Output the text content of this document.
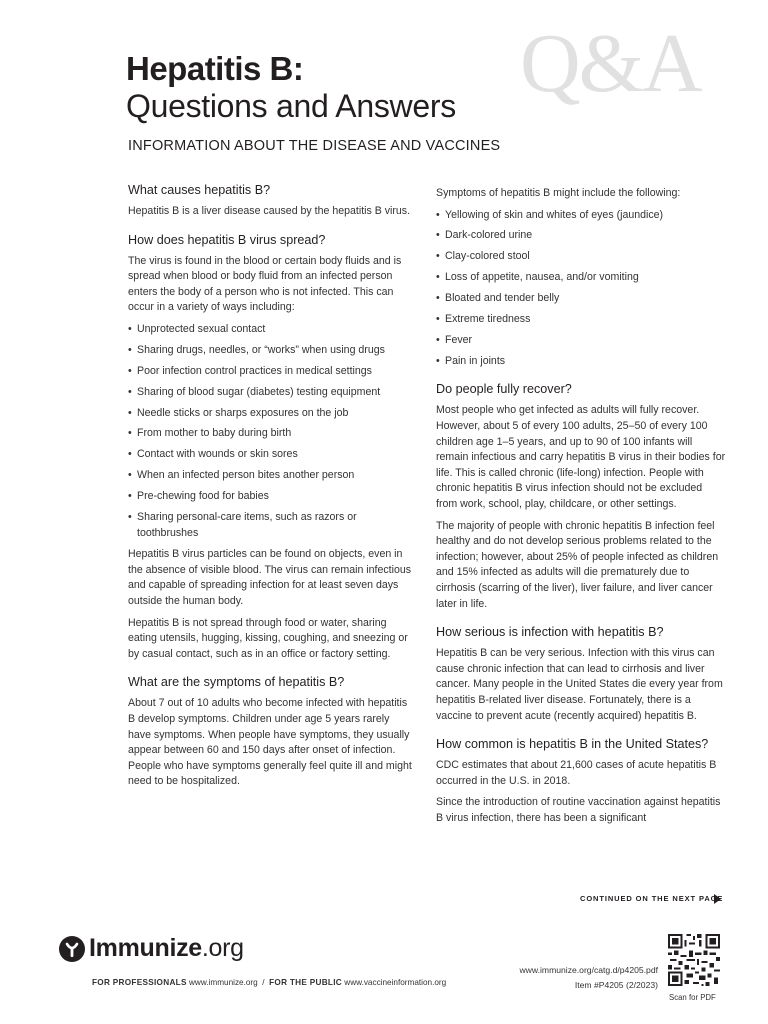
Q&A
Hepatitis B:
Questions and Answers
INFORMATION ABOUT THE DISEASE AND VACCINES
What causes hepatitis B?
Hepatitis B is a liver disease caused by the hepatitis B virus.
How does hepatitis B virus spread?
The virus is found in the blood or certain body fluids and is spread when blood or body fluid from an infected person enters the body of a person who is not infected. This can occur in a variety of ways including:
• Unprotected sexual contact
• Sharing drugs, needles, or “works” when using drugs
• Poor infection control practices in medical settings
• Sharing of blood sugar (diabetes) testing equipment
• Needle sticks or sharps exposures on the job
• From mother to baby during birth
• Contact with wounds or skin sores
• When an infected person bites another person
• Pre-chewing food for babies
• Sharing personal-care items, such as razors or toothbrushes
Hepatitis B virus particles can be found on objects, even in the absence of visible blood. The virus can remain infectious and capable of spreading infection for at least seven days outside the human body.
Hepatitis B is not spread through food or water, sharing eating utensils, hugging, kissing, coughing, and sneezing or by casual contact, such as in an office or factory setting.
What are the symptoms of hepatitis B?
About 7 out of 10 adults who become infected with hepatitis B develop symptoms. Children under age 5 years rarely have symptoms. When people have symptoms, they usually appear between 60 and 150 days after onset of infection. People who have symptoms generally feel quite ill and might need to be hospitalized.
Symptoms of hepatitis B might include the following:
• Yellowing of skin and whites of eyes (jaundice)
• Dark-colored urine
• Clay-colored stool
• Loss of appetite, nausea, and/or vomiting
• Bloated and tender belly
• Extreme tiredness
• Fever
• Pain in joints
Do people fully recover?
Most people who get infected as adults will fully recover. However, about 5 of every 100 adults, 25–50 of every 100 children age 1–5 years, and up to 90 of 100 infants will remain infectious and carry hepatitis B virus in their bodies for life. This is called chronic (life-long) infection. People with chronic hepatitis B virus infection should not be excluded from work, school, play, childcare, or other settings.
The majority of people with chronic hepatitis B infection feel healthy and do not develop serious problems related to the infection; however, about 25% of people infected as children and 15% infected as adults will die prematurely due to cirrhosis (scarring of the liver), liver failure, and liver cancer later in life.
How serious is infection with hepatitis B?
Hepatitis B can be very serious. Infection with this virus can cause chronic infection that can lead to cirrhosis and liver cancer. Many people in the United States die every year from hepatitis B-related liver disease. Fortunately, there is a vaccine to prevent acute (recently acquired) hepatitis B.
How common is hepatitis B in the United States?
CDC estimates that about 21,600 cases of acute hepatitis B occurred in the U.S. in 2018.
Since the introduction of routine vaccination against hepatitis B virus infection, there has been a significant
CONTINUED ON THE NEXT PAGE
Immunize.org
FOR PROFESSIONALS www.immunize.org / FOR THE PUBLIC www.vaccineinformation.org
www.immunize.org/catg.d/p4205.pdf
Item #P4205 (2/2023)
Scan for PDF
